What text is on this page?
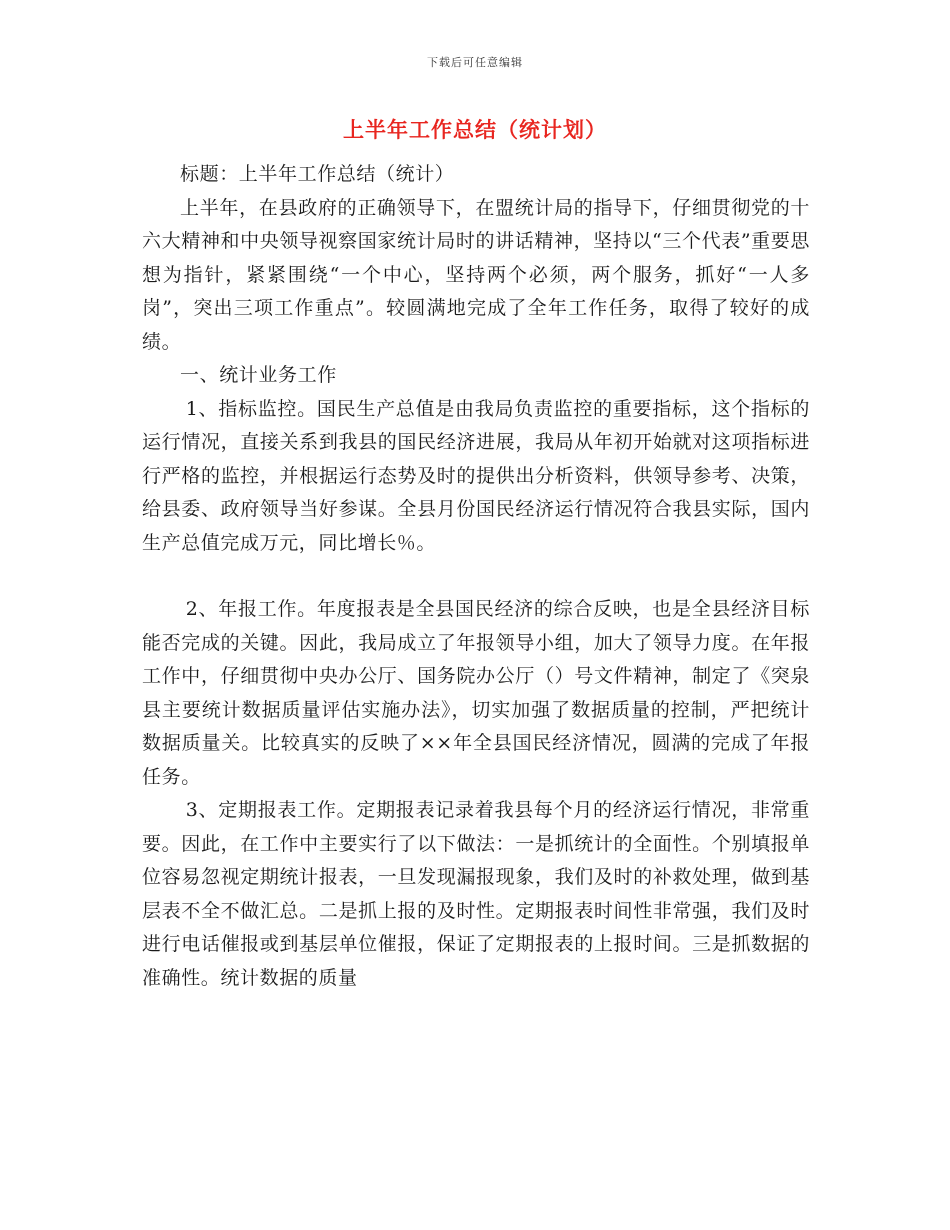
下载后可任意编辑
上半年工作总结（统计划）

标题：上半年工作总结（统计）

上半年，在县政府的正确领导下，在盟统计局的指导下，仔细贯彻党的十六大精神和中央领导视察国家统计局时的讲话精神，坚持以“三个代表”重要思想为指针，紧紧围绕“一个中心，坚持两个必须，两个服务，抓好“一人多岗”，突出三项工作重点”。较圆满地完成了全年工作任务，取得了较好的成绩。

一、统计业务工作

1、指标监控。国民生产总值是由我局负责监控的重要指标，这个指标的运行情况，直接关系到我县的国民经济进展，我局从年初开始就对这项指标进行严格的监控，并根据运行态势及时的提供出分析资料，供领导参考、决策，给县委、政府领导当好参谋。全县月份国民经济运行情况符合我县实际，国内生产总值完成万元，同比增长％。

2、年报工作。年度报表是全县国民经济的综合反映，也是全县经济目标能否完成的关键。因此，我局成立了年报领导小组，加大了领导力度。在年报工作中，仔细贯彻中央办公厅、国务院办公厅（）号文件精神，制定了《突泉县主要统计数据质量评估实施办法》，切实加强了数据质量的控制，严把统计数据质量关。比较真实的反映了××年全县国民经济情况，圆满的完成了年报任务。

3、定期报表工作。定期报表记录着我县每个月的经济运行情况，非常重要。因此，在工作中主要实行了以下做法：一是抓统计的全面性。个别填报单位容易忽视定期统计报表，一旦发现漏报现象，我们及时的补救处理，做到基层表不全不做汇总。二是抓上报的及时性。定期报表时间性非常强，我们及时进行电话催报或到基层单位催报，保证了定期报表的上报时间。三是抓数据的准确性。统计数据的质量
